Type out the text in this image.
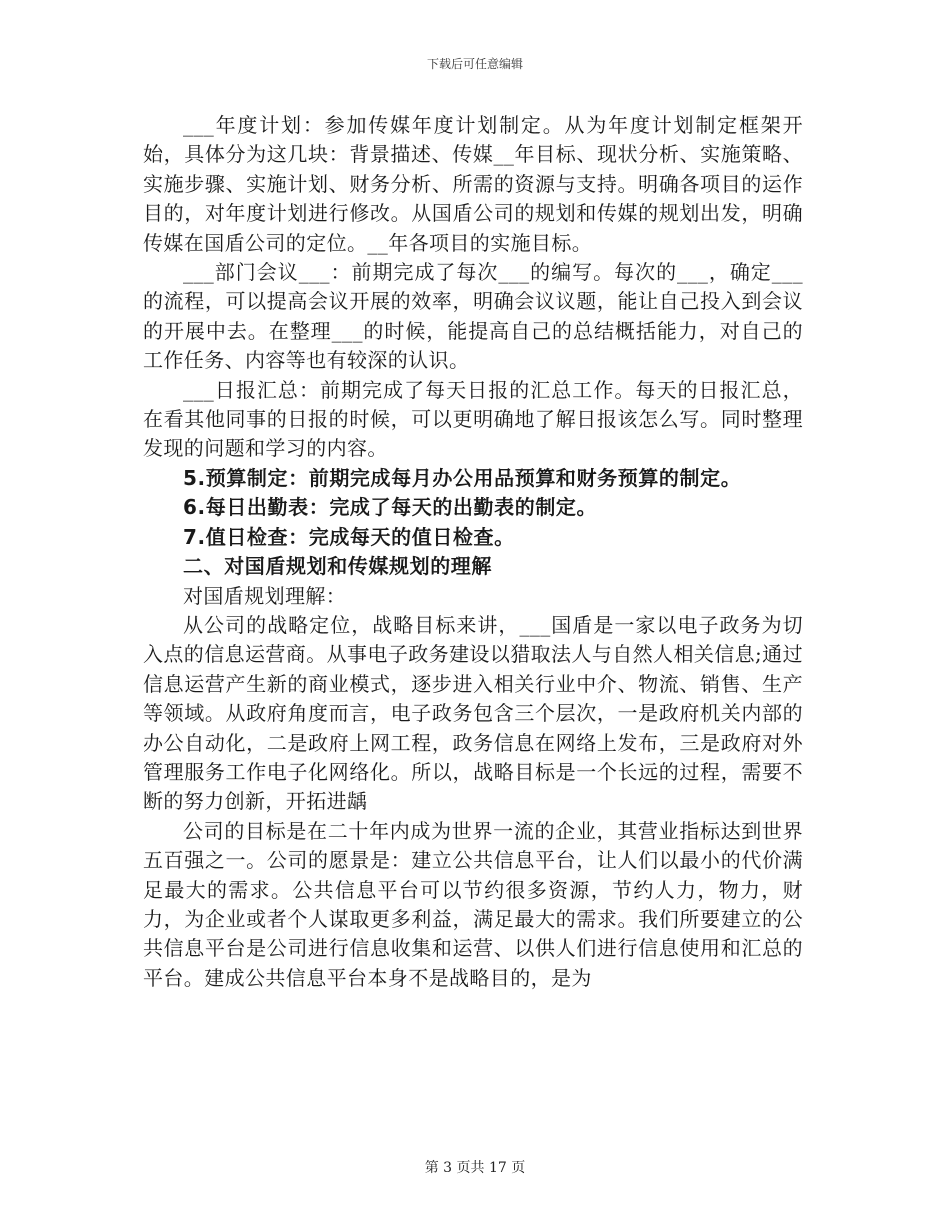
下载后可任意编辑

___年度计划：参加传媒年度计划制定。从为年度计划制定框架开始，具体分为这几块：背景描述、传媒__年目标、现状分析、实施策略、实施步骤、实施计划、财务分析、所需的资源与支持。明确各项目的运作目的，对年度计划进行修改。从国盾公司的规划和传媒的规划出发，明确传媒在国盾公司的定位。__年各项目的实施目标。

___部门会议___：前期完成了每次___的编写。每次的___，确定___的流程，可以提高会议开展的效率，明确会议议题，能让自己投入到会议的开展中去。在整理___的时候，能提高自己的总结概括能力，对自己的工作任务、内容等也有较深的认识。

___日报汇总：前期完成了每天日报的汇总工作。每天的日报汇总，在看其他同事的日报的时候，可以更明确地了解日报该怎么写。同时整理发现的问题和学习的内容。

5.预算制定：前期完成每月办公用品预算和财务预算的制定。

6.每日出勤表：完成了每天的出勤表的制定。

7.值日检查：完成每天的值日检查。

二、对国盾规划和传媒规划的理解

对国盾规划理解：

从公司的战略定位，战略目标来讲，___国盾是一家以电子政务为切入点的信息运营商。从事电子政务建设以猎取法人与自然人相关信息;通过信息运营产生新的商业模式，逐步进入相关行业中介、物流、销售、生产等领域。从政府角度而言，电子政务包含三个层次，一是政府机关内部的办公自动化，二是政府上网工程，政务信息在网络上发布，三是政府对外管理服务工作电子化网络化。所以，战略目标是一个长远的过程，需要不断的努力创新，开拓进龋

公司的目标是在二十年内成为世界一流的企业，其营业指标达到世界五百强之一。公司的愿景是：建立公共信息平台，让人们以最小的代价满足最大的需求。公共信息平台可以节约很多资源，节约人力，物力，财力，为企业或者个人谋取更多利益，满足最大的需求。我们所要建立的公共信息平台是公司进行信息收集和运营、以供人们进行信息使用和汇总的平台。建成公共信息平台本身不是战略目的，是为

第 3 页共 17 页
